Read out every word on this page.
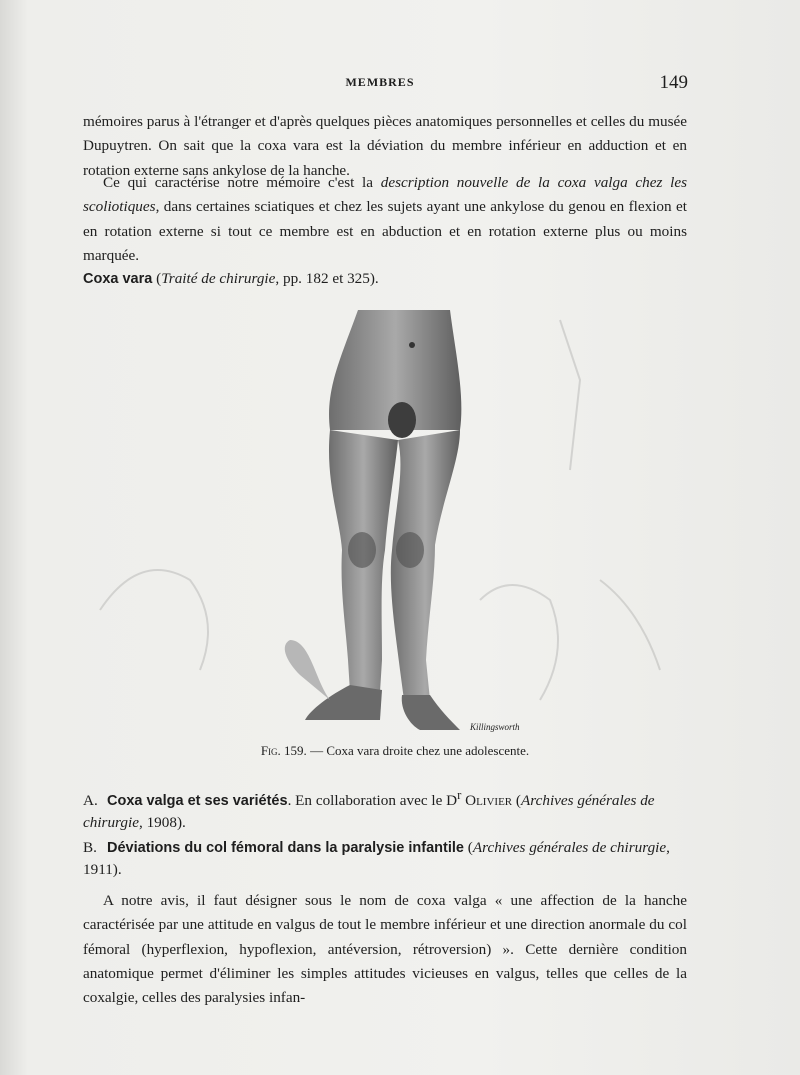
MEMBRES	149
mémoires parus à l'étranger et d'après quelques pièces anatomiques personnelles et celles du musée Dupuytren. On sait que la coxa vara est la déviation du membre inférieur en adduction et en rotation externe sans ankylose de la hanche.
Ce qui caractérise notre mémoire c'est la description nouvelle de la coxa valga chez les scoliotiques, dans certaines sciatiques et chez les sujets ayant une ankylose du genou en flexion et en rotation externe si tout ce membre est en abduction et en rotation externe plus ou moins marquée.
Coxa vara (Traité de chirurgie, pp. 182 et 325).
Killingsworth
Fig. 159. — Coxa vara droite chez une adolescente.
A. Coxa valga et ses variétés. En collaboration avec le $D^r$ Olivier (Archives générales de chirurgie, 1908).
B. Déviations du col fémoral dans la paralysie infantile (Archives générales de chirurgie, 1911).
A notre avis, il faut désigner sous le nom de coxa valga « une affection de la hanche caractérisée par une attitude en valgus de tout le membre inférieur et une direction anormale du col fémoral (hyperflexion, hypoflexion, antéversion, rétroversion) ». Cette dernière condition anatomique permet d'éliminer les simples attitudes vicieuses en valgus, telles que celles de la coxalgie, celles des paralysies infan-
